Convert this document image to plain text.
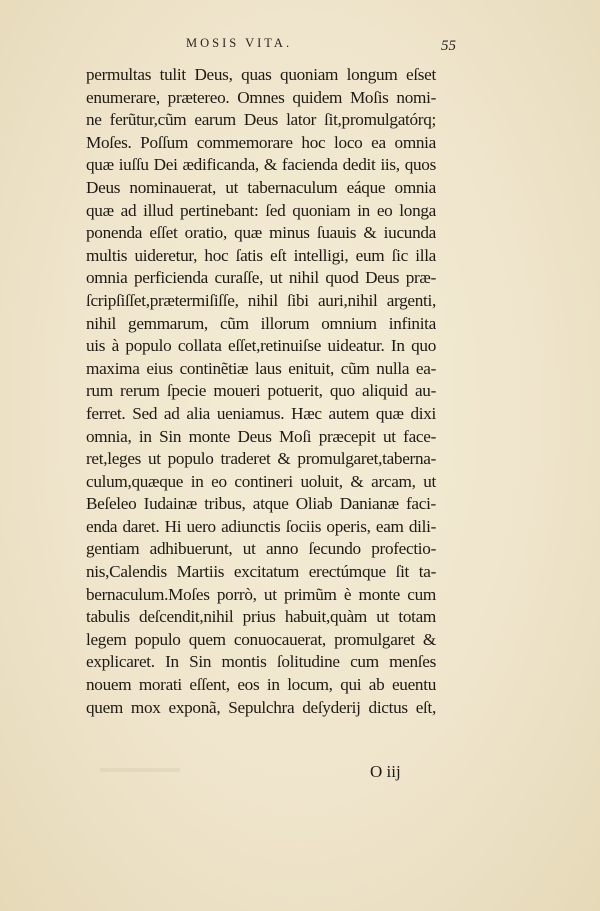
MOSIS VITA.	55
permultas tulit Deus, quas quoniam longum eſset
enumerare, prætereo. Omnes quidem Moſis nomi-
ne ferũtur,cũm earum Deus lator ſit,promulgatórq;
Moſes. Poſſum commemorare hoc loco ea omnia
quæ iuſſu Dei ædificanda, & facienda dedit iis, quos
Deus nominauerat, ut tabernaculum eáque omnia
quæ ad illud pertinebant: ſed quoniam in eo longa
ponenda eſſet oratio, quæ minus ſuauis & iucunda
multis uideretur, hoc ſatis eſt intelligi, eum ſic illa
omnia perficienda curaſſe, ut nihil quod Deus præ-
ſcripſiſſet,prætermiſiſſe, nihil ſibi auri,nihil argenti,
nihil gemmarum, cũm illorum omnium infinita
uis à populo collata eſſet,retinuiſse uideatur. In quo
maxima eius continẽtiæ laus enituit, cũm nulla ea-
rum rerum ſpecie moueri potuerit, quo aliquid au-
ferret. Sed ad alia ueniamus. Hæc autem quæ dixi
omnia, in Sin monte Deus Moſi præcepit ut face-
ret,leges ut populo traderet & promulgaret,taberna-
culum,quæque in eo contineri uoluit, & arcam, ut
Beſeleo Iudainæ tribus, atque Oliab Danianæ faci-
enda daret. Hi uero adiunctis ſociis operis, eam dili-
gentiam adhibuerunt, ut anno ſecundo profectio-
nis,Calendis Martiis excitatum erectúmque ſit ta-
bernaculum.Moſes porrò, ut primũm è monte cum
tabulis deſcendit,nihil prius habuit,quàm ut totam
legem populo quem conuocauerat, promulgaret &
explicaret. In Sin montis ſolitudine cum menſes
nouem morati eſſent, eos in locum, qui ab euentu
quem mox exponã, Sepulchra deſyderij dictus eſt,
O iij
